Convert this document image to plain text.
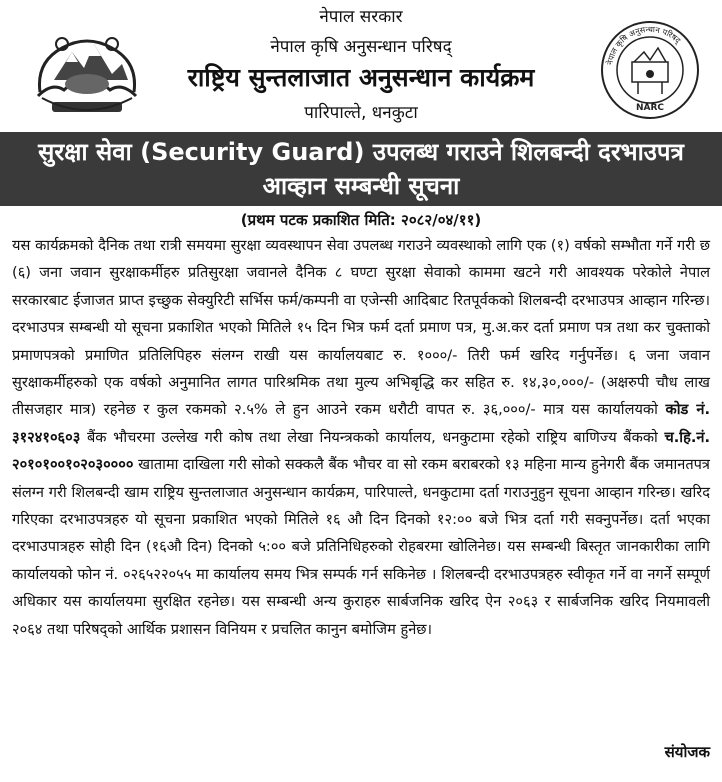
नेपाल सरकार
नेपाल कृषि अनुसन्धान परिषद्
राष्ट्रिय सुन्तलाजात अनुसन्धान कार्यक्रम
पारिपाल्ते, धनकुटा
नेपाल कृषि अनुसन्धान परिषद्
NARC
सुरक्षा सेवा (Security Guard) उपलब्ध गराउने शिलबन्दी दरभाउपत्र
आव्हान सम्बन्धी सूचना
(प्रथम पटक प्रकाशित मिति: २०८२/०४/११)
यस कार्यक्रमको दैनिक तथा रात्री समयमा सुरक्षा व्यवस्थापन सेवा उपलब्ध गराउने व्यवस्थाको लागि एक (१) वर्षको सम्भौता गर्ने गरी छ (६) जना जवान सुरक्षाकर्मीहरु प्रतिसुरक्षा जवानले दैनिक ८ घण्टा सुरक्षा सेवाको काममा खटने गरी आवश्यक परेकोले नेपाल सरकारबाट ईजाजत प्राप्त इच्छुक सेक्युरिटी सर्भिस फर्म/कम्पनी वा एजेन्सी आदिबाट रितपूर्वकको शिलबन्दी दरभाउपत्र आव्हान गरिन्छ। दरभाउपत्र सम्बन्धी यो सूचना प्रकाशित भएको मितिले १५ दिन भित्र फर्म दर्ता प्रमाण पत्र, मु.अ.कर दर्ता प्रमाण पत्र तथा कर चुक्ताको प्रमाणपत्रको प्रमाणित प्रतिलिपिहरु संलग्न राखी यस कार्यालयबाट रु. १०००/- तिरी फर्म खरिद गर्नुपर्नेछ। ६ जना जवान सुरक्षाकर्मीहरुको एक वर्षको अनुमानित लागत पारिश्रमिक तथा मुल्य अभिबृद्धि कर सहित रु. १४,३०,०००/- (अक्षरुपी चौध लाख तीसजहार मात्र) रहनेछ र कुल रकमको २.५% ले हुन आउने रकम धरौटी वापत रु. ३६,०००/- मात्र यस कार्यालयको कोड नं. ३१२४१०६०३ बैंक भौचरमा उल्लेख गरी कोष तथा लेखा नियन्त्रकको कार्यालय, धनकुटामा रहेको राष्ट्रिय बाणिज्य बैंकको च.हि.नं. २०१०१००१०२०३०००० खातामा दाखिला गरी सोको सक्कलै बैंक भौचर वा सो रकम बराबरको १३ महिना मान्य हुनेगरी बैंक जमानतपत्र संलग्न गरी शिलबन्दी खाम राष्ट्रिय सुन्तलाजात अनुसन्धान कार्यक्रम, पारिपाल्ते, धनकुटामा दर्ता गराउनुहुन सूचना आव्हान गरिन्छ। खरिद गरिएका दरभाउपत्रहरु यो सूचना प्रकाशित भएको मितिले १६ औ दिन दिनको १२:०० बजे भित्र दर्ता गरी सक्नुपर्नेछ। दर्ता भएका दरभाउपात्रहरु सोही दिन (१६औ दिन) दिनको ५:०० बजे प्रतिनिधिहरुको रोहबरमा खोलिनेछ। यस सम्बन्धी बिस्तृत जानकारीका लागि कार्यालयको फोन नं. ०२६५२२०५५ मा कार्यालय समय भित्र सम्पर्क गर्न सकिनेछ । शिलबन्दी दरभाउपत्रहरु स्वीकृत गर्ने वा नगर्ने सम्पूर्ण अधिकार यस कार्यालयमा सुरक्षित रहनेछ। यस सम्बन्धी अन्य कुराहरु सार्बजनिक खरिद ऐन २०६३ र सार्बजनिक खरिद नियमावली २०६४ तथा परिषद्को आर्थिक प्रशासन विनियम र प्रचलित कानुन बमोजिम हुनेछ।
संयोजक
